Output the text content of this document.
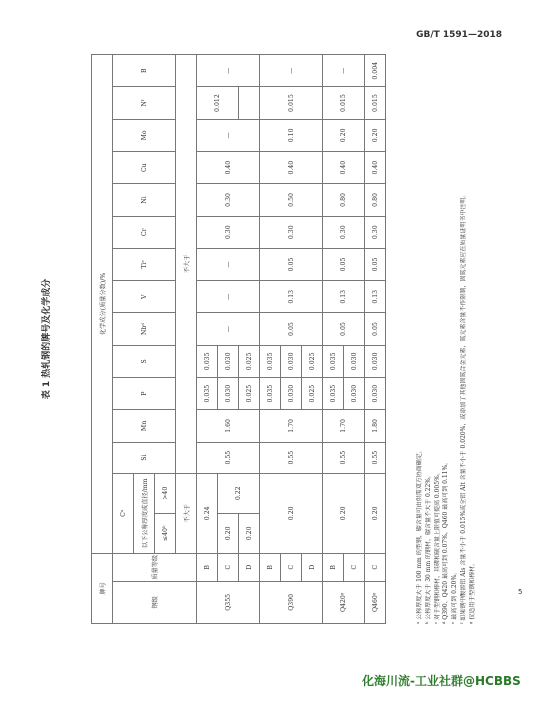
GB/T 1591—2018
表 1 热轧钢的牌号及化学成分
牌号		化学成分(质量分数)/%														
钢级	质量等级	Cᵃ		Si	Mn	P	S	Nbᵈ	V	Tiᵉ	Cr	Ni	Cu	Mo	Nᶠ	B
		以下公称厚度或直径/mm														
		≤40ᵇ	>40													
		不大于		不大于												
Q355	B	0.24		0.55	1.60	0.035	0.035	—	—	—	0.30	0.30	0.40	—	0.012	—
	C	0.20	0.22			0.030	0.030									
	D	0.20				0.025	0.025									
Q390	B	0.20		0.55	1.70	0.035	0.035	0.05	0.13	0.05	0.30	0.50	0.40	0.10	0.015	—
	C					0.030	0.030									
	D					0.025	0.025									
Q420ᵍ	B	0.20		0.55	1.70	0.035	0.035	0.05	0.13	0.05	0.30	0.80	0.40	0.20	0.015	—
	C					0.030	0.030									
Q460ᵍ	C	0.20		0.55	1.80	0.030	0.030	0.05	0.13	0.05	0.30	0.80	0.40	0.20	0.015	0.004
ᵃ 公称厚度大于 100 mm 的型钢，碳含量可由供需双方协商确定。 ᵇ 公称厚度大于 30 mm 的钢材，碳含量不大于 0.22%。 ᶜ 对于型钢和棒材，其磷和硫含量上限值可提高 0.005%。 ᵈ Q390、Q420 最高可到 0.07%，Q460 最高可到 0.11%。 ᵉ 最高可到 0.20%。 ᶠ 如果钢中酸溶铝 Als 含量不小于 0.015%或全铝 Alt 含量不小于 0.020%，或添加了其他固氮合金元素，氮元素含量不作限制，固氮元素应在质量证明书中注明。 ᵍ 仅适用于型钢和棒材。	5
化海川流-工业社群@HCBBS
